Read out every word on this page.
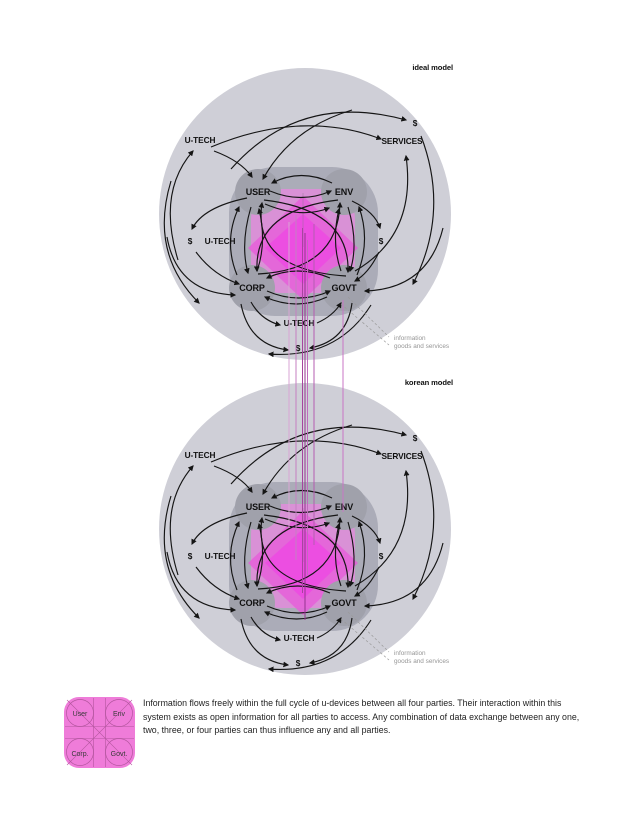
ideal model
korean model
User	Env
Corp.	Govt.
Information flows freely within the full cycle of u-devices between all four parties. Their interaction within this system exists as open information for all parties to access. Any combination of data exchange between any one, two, three, or four parties can thus influence any and all parties.
